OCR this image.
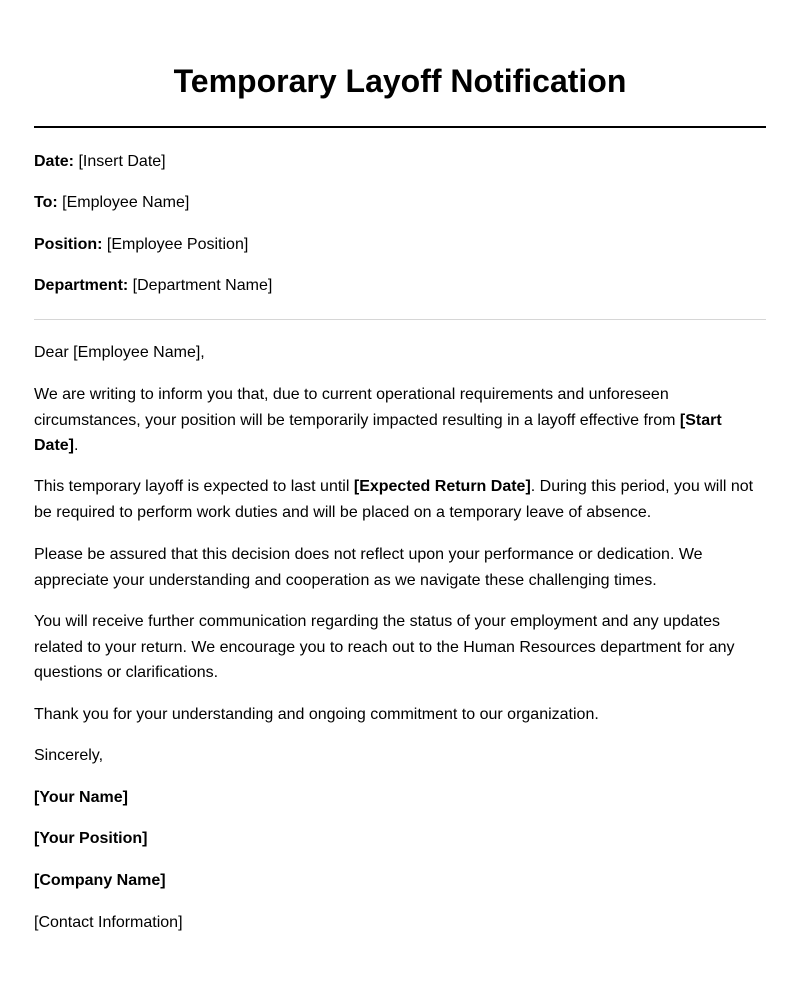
Temporary Layoff Notification

Date: [Insert Date]

To: [Employee Name]

Position: [Employee Position]

Department: [Department Name]

Dear [Employee Name],

We are writing to inform you that, due to current operational requirements and unforeseen circumstances, your position will be temporarily impacted resulting in a layoff effective from [Start Date].

This temporary layoff is expected to last until [Expected Return Date]. During this period, you will not be required to perform work duties and will be placed on a temporary leave of absence.

Please be assured that this decision does not reflect upon your performance or dedication. We appreciate your understanding and cooperation as we navigate these challenging times.

You will receive further communication regarding the status of your employment and any updates related to your return. We encourage you to reach out to the Human Resources department for any questions or clarifications.

Thank you for your understanding and ongoing commitment to our organization.

Sincerely,

[Your Name]

[Your Position]

[Company Name]

[Contact Information]
